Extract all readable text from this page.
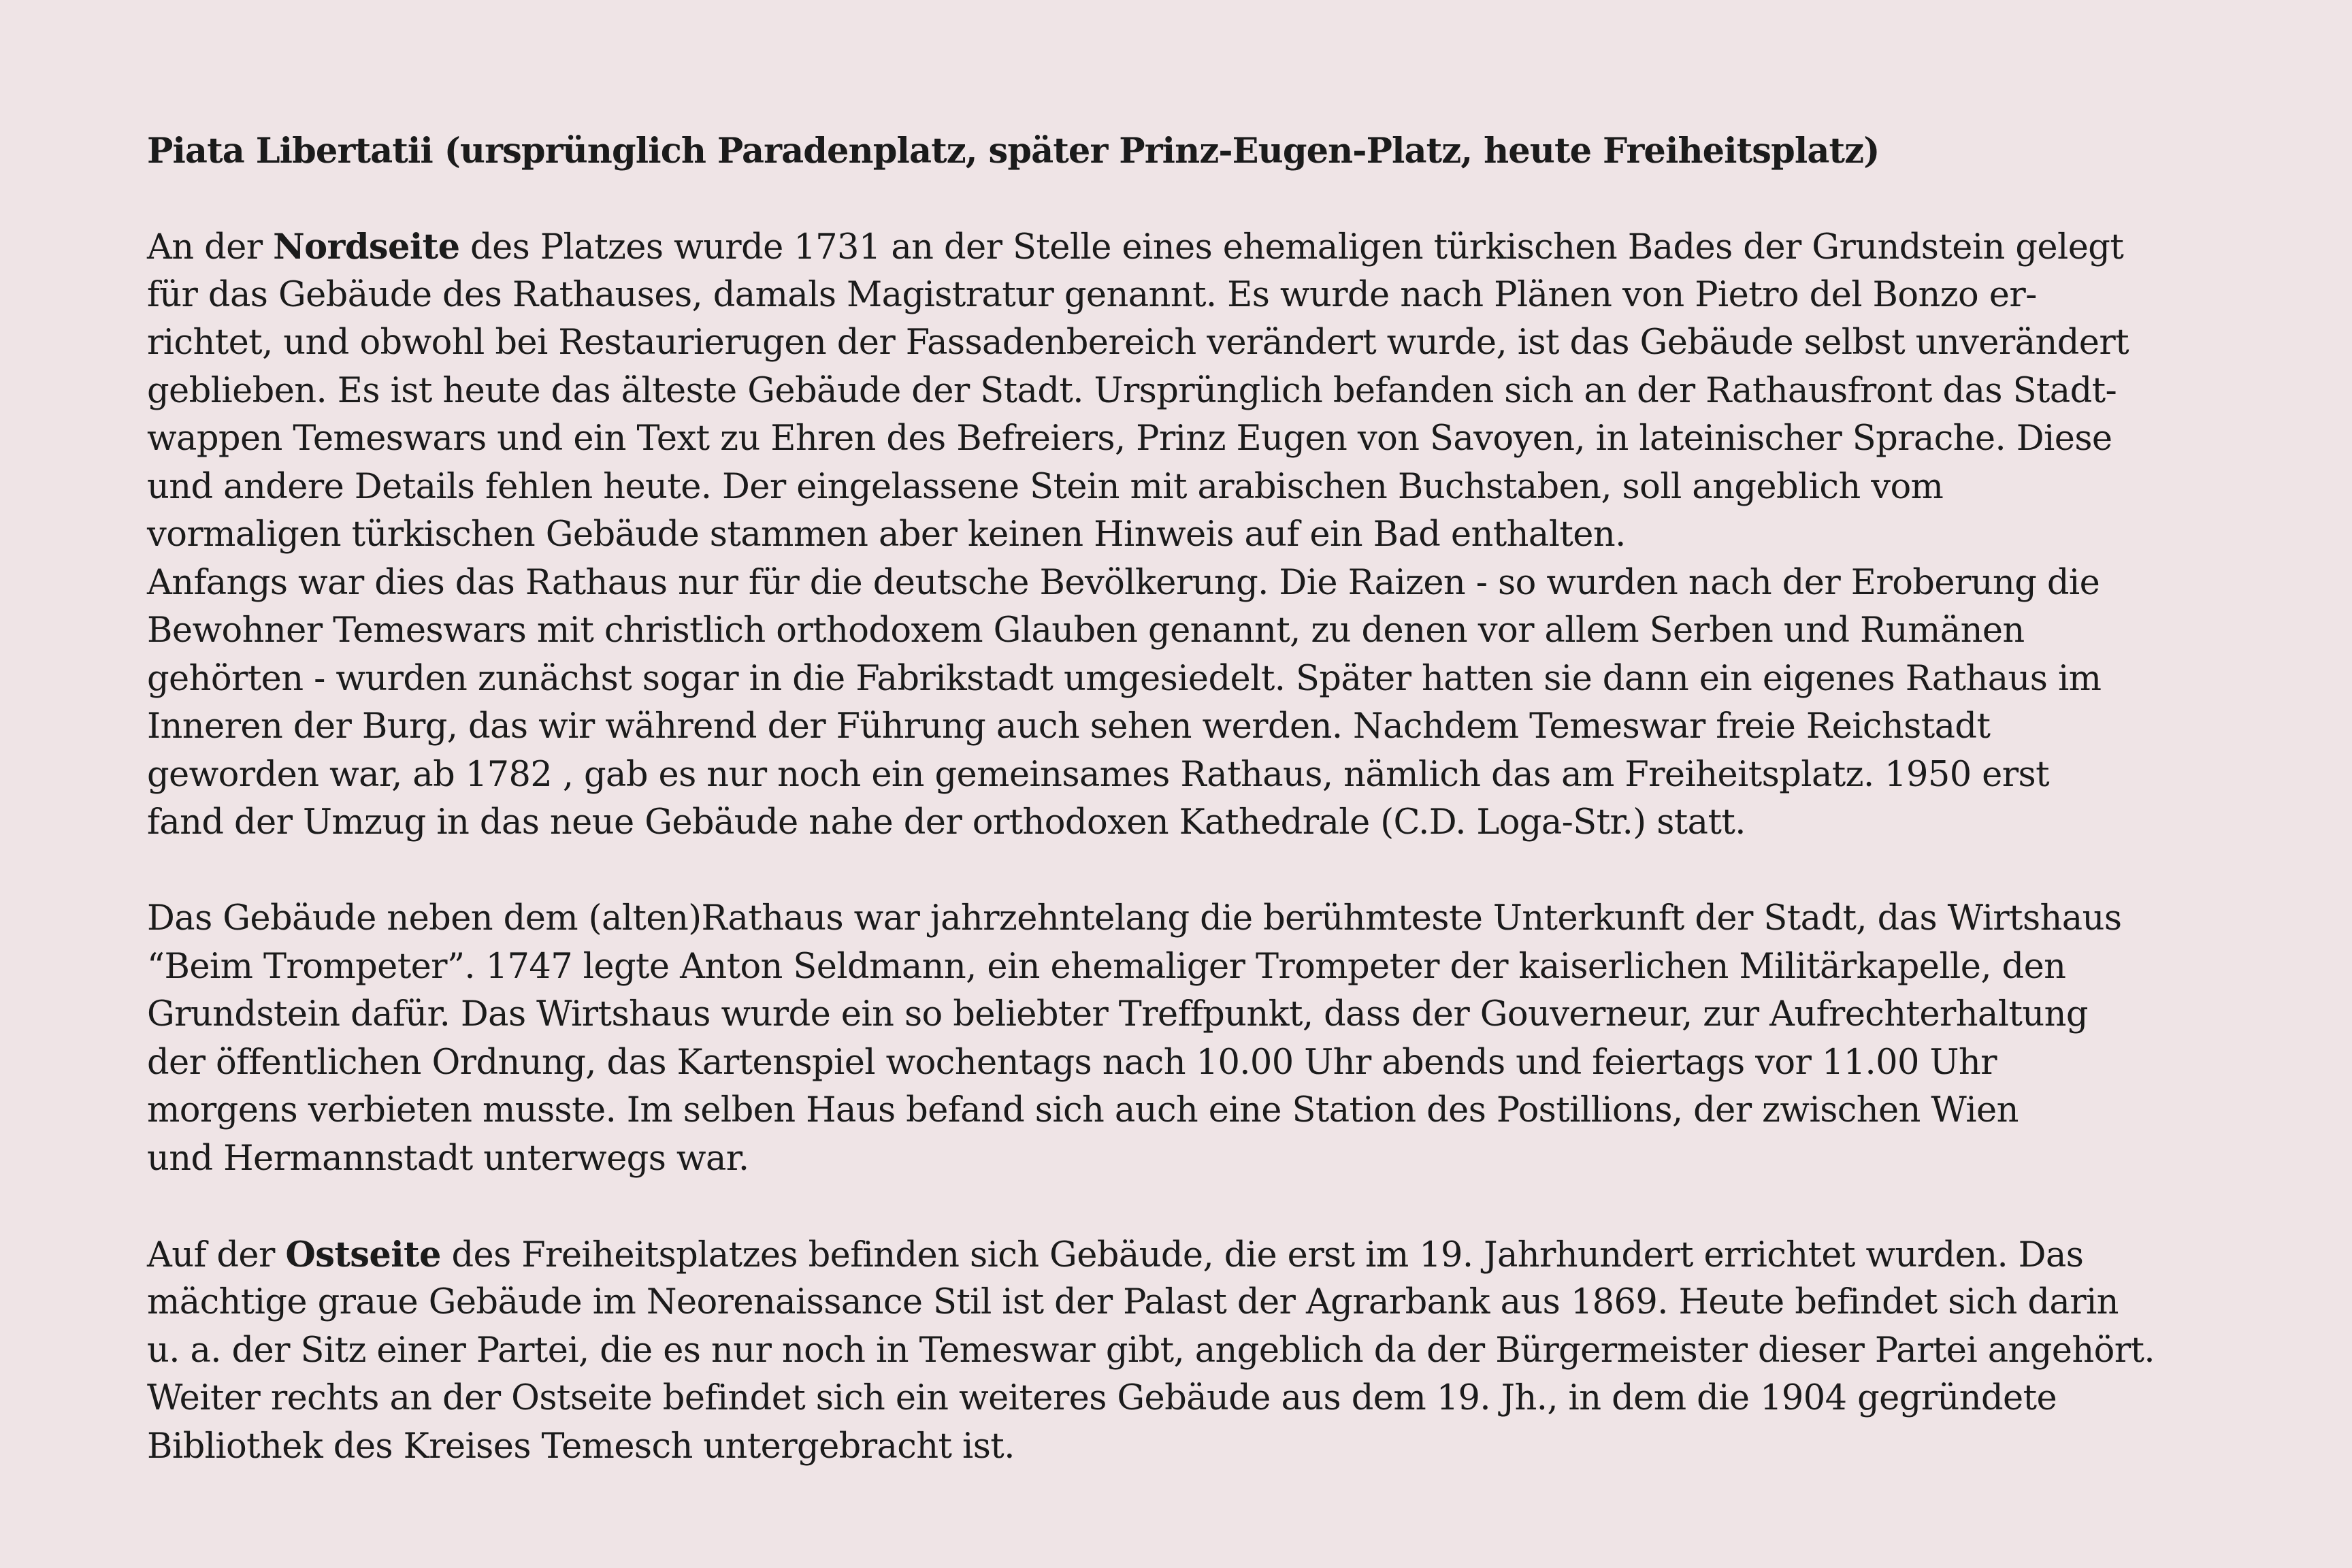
Piata Libertatii (ursprünglich Paradenplatz, später Prinz-Eugen-Platz, heute Freiheitsplatz)
An der Nordseite des Platzes wurde 1731 an der Stelle eines ehemaligen türkischen Bades der Grundstein gelegt
für das Gebäude des Rathauses, damals Magistratur genannt. Es wurde nach Plänen von Pietro del Bonzo er-
richtet, und obwohl bei Restaurierugen der Fassadenbereich verändert wurde, ist das Gebäude selbst unverändert
geblieben. Es ist heute das älteste Gebäude der Stadt. Ursprünglich befanden sich an der Rathausfront das Stadt-
wappen Temeswars und ein Text zu Ehren des Befreiers, Prinz Eugen von Savoyen, in lateinischer Sprache. Diese
und andere Details fehlen heute. Der eingelassene Stein mit arabischen Buchstaben, soll angeblich vom
vormaligen türkischen Gebäude stammen aber keinen Hinweis auf ein Bad enthalten.
Anfangs war dies das Rathaus nur für die deutsche Bevölkerung. Die Raizen - so wurden nach der Eroberung die
Bewohner Temeswars mit christlich orthodoxem Glauben genannt, zu denen vor allem Serben und Rumänen
gehörten - wurden zunächst sogar in die Fabrikstadt umgesiedelt. Später hatten sie dann ein eigenes Rathaus im
Inneren der Burg, das wir während der Führung auch sehen werden. Nachdem Temeswar freie Reichstadt
geworden war, ab 1782 , gab es nur noch ein gemeinsames Rathaus, nämlich das am Freiheitsplatz. 1950 erst
fand der Umzug in das neue Gebäude nahe der orthodoxen Kathedrale (C.D. Loga-Str.) statt.
Das Gebäude neben dem (alten)Rathaus war jahrzehntelang die berühmteste Unterkunft der Stadt, das Wirtshaus
“Beim Trompeter”. 1747 legte Anton Seldmann, ein ehemaliger Trompeter der kaiserlichen Militärkapelle, den
Grundstein dafür. Das Wirtshaus wurde ein so beliebter Treffpunkt, dass der Gouverneur, zur Aufrechterhaltung
der öffentlichen Ordnung, das Kartenspiel wochentags nach 10.00 Uhr abends und feiertags vor 11.00 Uhr
morgens verbieten musste. Im selben Haus befand sich auch eine Station des Postillions, der zwischen Wien
und Hermannstadt unterwegs war.
Auf der Ostseite des Freiheitsplatzes befinden sich Gebäude, die erst im 19. Jahrhundert errichtet wurden. Das
mächtige graue Gebäude im Neorenaissance Stil ist der Palast der Agrarbank aus 1869. Heute befindet sich darin
u. a. der Sitz einer Partei, die es nur noch in Temeswar gibt, angeblich da der Bürgermeister dieser Partei angehört.
Weiter rechts an der Ostseite befindet sich ein weiteres Gebäude aus dem 19. Jh., in dem die 1904 gegründete
Bibliothek des Kreises Temesch untergebracht ist.
